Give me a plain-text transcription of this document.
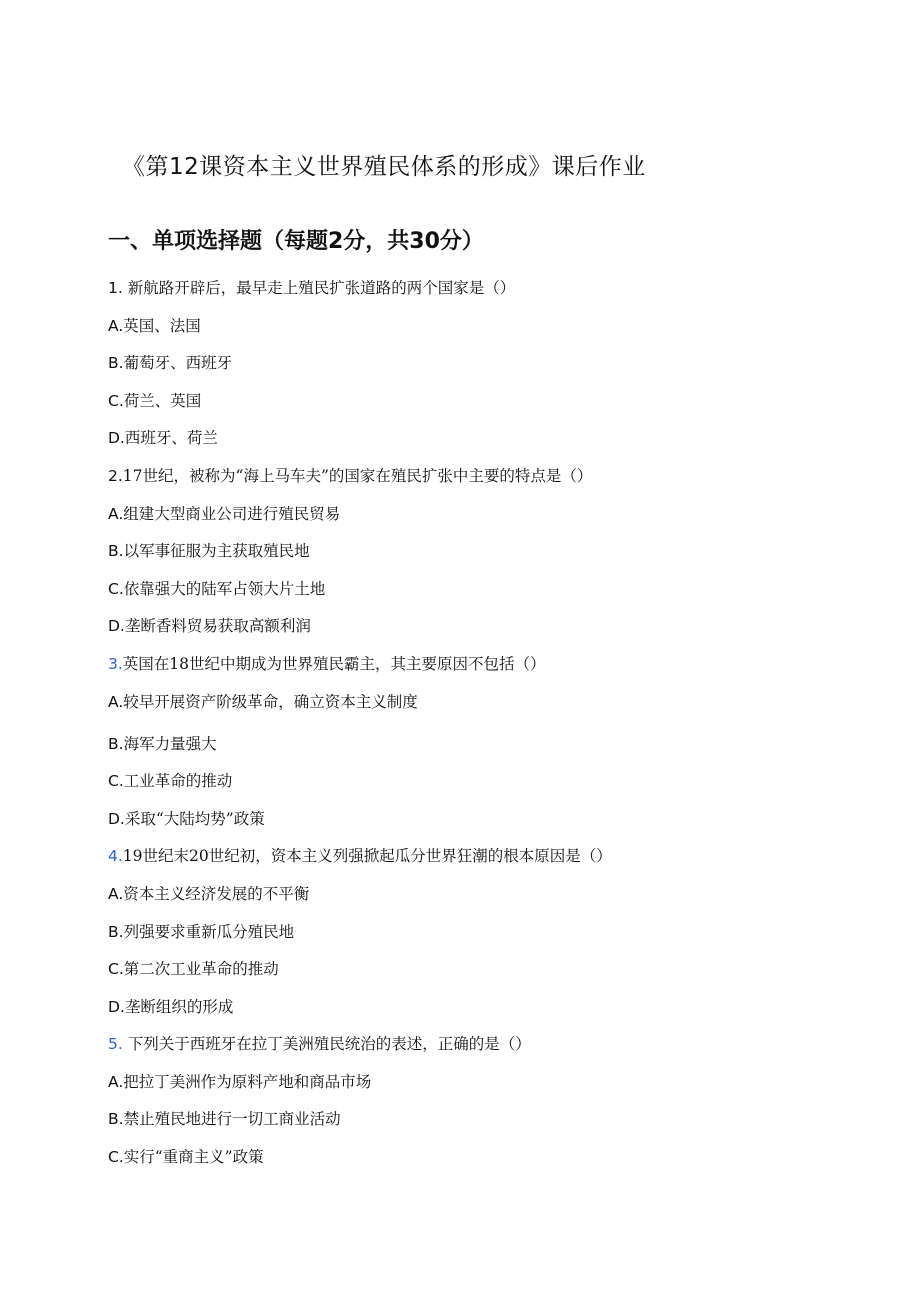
《第12课资本主义世界殖民体系的形成》课后作业
一、单项选择题（每题2分，共30分）
1. 新航路开辟后，最早走上殖民扩张道路的两个国家是（）
A.英国、法国
B.葡萄牙、西班牙
C.荷兰、英国
D.西班牙、荷兰
2.17世纪，被称为“海上马车夫”的国家在殖民扩张中主要的特点是（）
A.组建大型商业公司进行殖民贸易
B.以军事征服为主获取殖民地
C.依靠强大的陆军占领大片土地
D.垄断香料贸易获取高额利润
3.英国在18世纪中期成为世界殖民霸主，其主要原因不包括（）
A.较早开展资产阶级革命，确立资本主义制度
B.海军力量强大
C.工业革命的推动
D.采取“大陆均势”政策
4.19世纪末20世纪初，资本主义列强掀起瓜分世界狂潮的根本原因是（）
A.资本主义经济发展的不平衡
B.列强要求重新瓜分殖民地
C.第二次工业革命的推动
D.垄断组织的形成
5. 下列关于西班牙在拉丁美洲殖民统治的表述，正确的是（）
A.把拉丁美洲作为原料产地和商品市场
B.禁止殖民地进行一切工商业活动
C.实行“重商主义”政策
